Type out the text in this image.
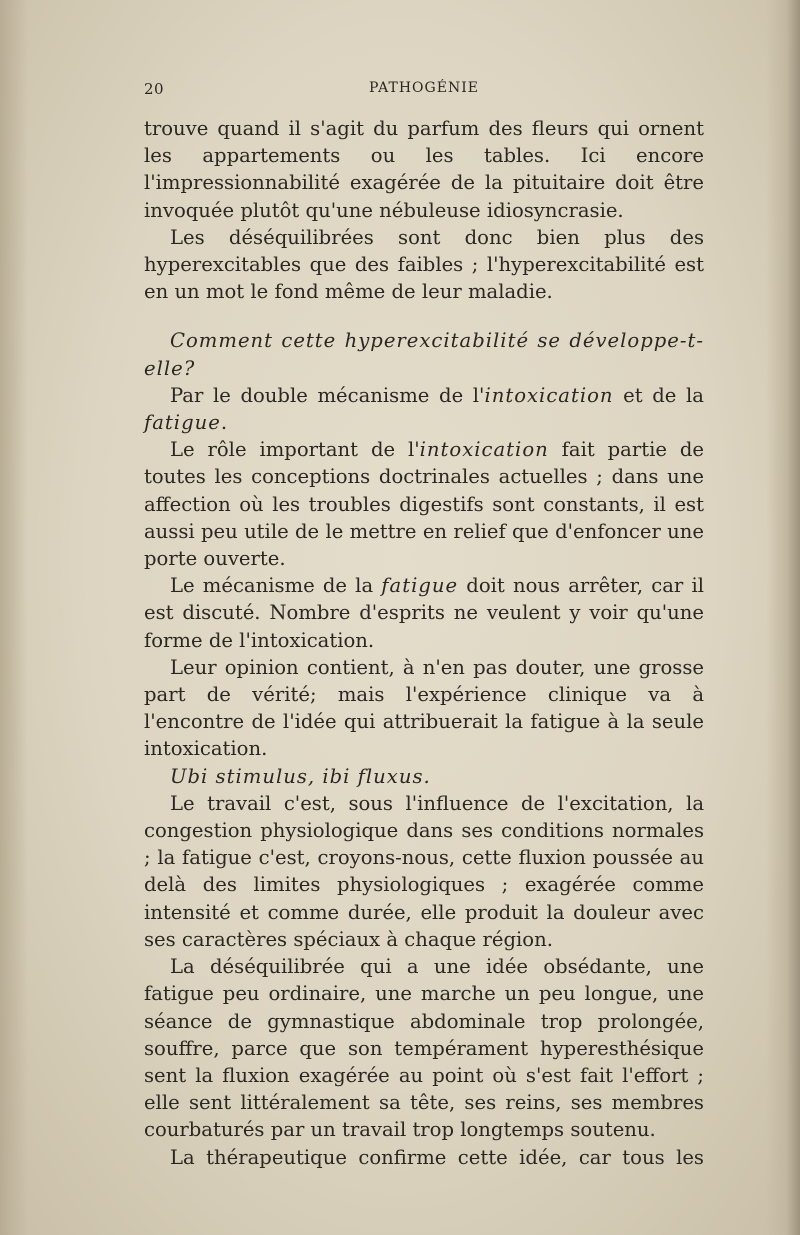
20	PATHOGÉNIE

trouve quand il s'agit du parfum des fleurs qui ornent les appartements ou les tables. Ici encore l'impressionnabilité exagérée de la pituitaire doit être invoquée plutôt qu'une nébuleuse idiosyncrasie.

Les déséquilibrées sont donc bien plus des hyperexcitables que des faibles ; l'hyperexcitabilité est en un mot le fond même de leur maladie.

Comment cette hyperexcitabilité se développe-t-elle?

Par le double mécanisme de l'intoxication et de la fatigue.

Le rôle important de l'intoxication fait partie de toutes les conceptions doctrinales actuelles ; dans une affection où les troubles digestifs sont constants, il est aussi peu utile de le mettre en relief que d'enfoncer une porte ouverte.

Le mécanisme de la fatigue doit nous arrêter, car il est discuté. Nombre d'esprits ne veulent y voir qu'une forme de l'intoxication.

Leur opinion contient, à n'en pas douter, une grosse part de vérité; mais l'expérience clinique va à l'encontre de l'idée qui attribuerait la fatigue à la seule intoxication.

Ubi stimulus, ibi fluxus.

Le travail c'est, sous l'influence de l'excitation, la congestion physiologique dans ses conditions normales ; la fatigue c'est, croyons-nous, cette fluxion poussée au delà des limites physiologiques ; exagérée comme intensité et comme durée, elle produit la douleur avec ses caractères spéciaux à chaque région.

La déséquilibrée qui a une idée obsédante, une fatigue peu ordinaire, une marche un peu longue, une séance de gymnastique abdominale trop prolongée, souffre, parce que son tempérament hyperesthésique sent la fluxion exagérée au point où s'est fait l'effort ; elle sent littéralement sa tête, ses reins, ses membres courbaturés par un travail trop longtemps soutenu.

La thérapeutique confirme cette idée, car tous les
